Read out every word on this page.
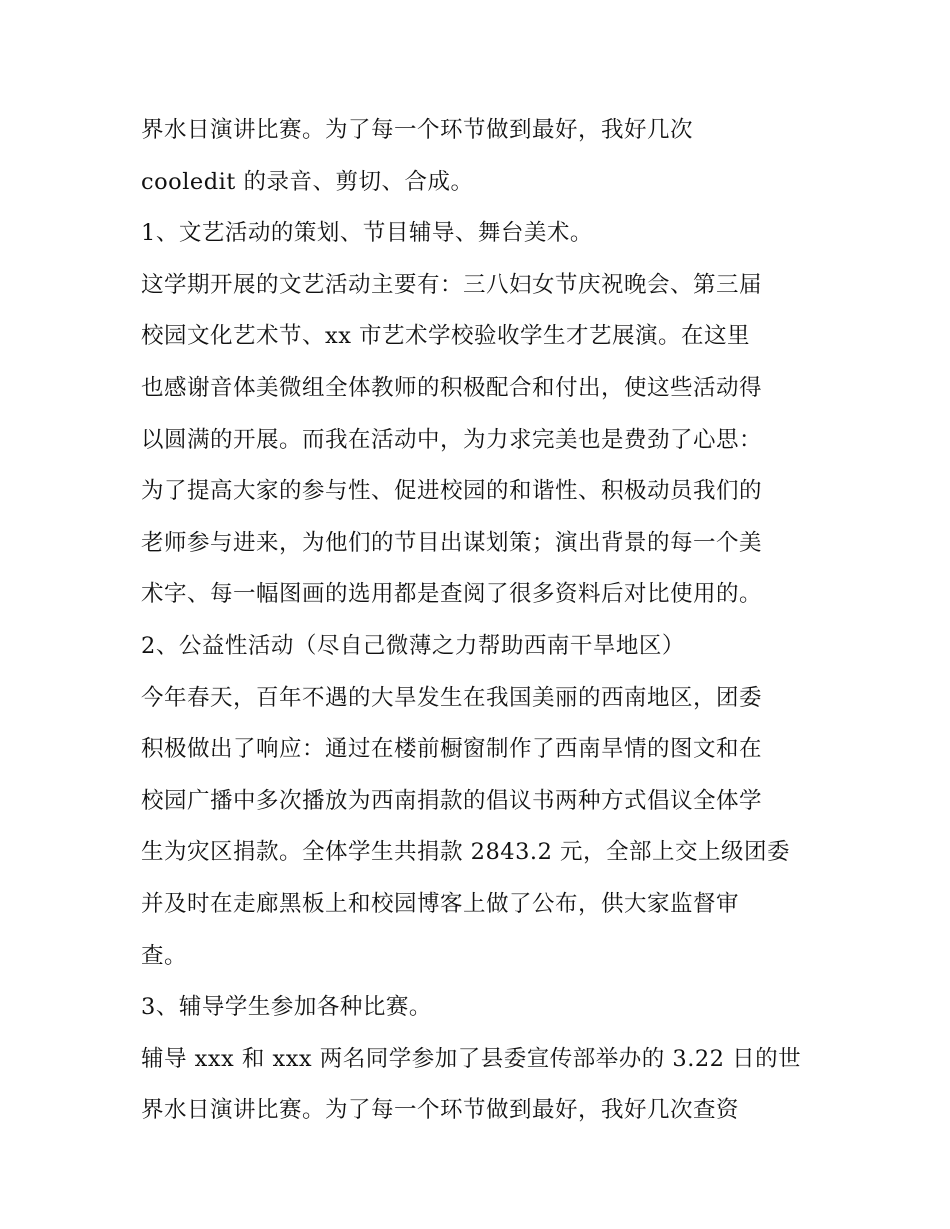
界水日演讲比赛。为了每一个环节做到最好，我好几次
cooledit 的录音、剪切、合成。
1、文艺活动的策划、节目辅导、舞台美术。
这学期开展的文艺活动主要有：三八妇女节庆祝晚会、第三届
校园文化艺术节、xx 市艺术学校验收学生才艺展演。在这里
也感谢音体美微组全体教师的积极配合和付出，使这些活动得
以圆满的开展。而我在活动中，为力求完美也是费劲了心思：
为了提高大家的参与性、促进校园的和谐性、积极动员我们的
老师参与进来，为他们的节目出谋划策；演出背景的每一个美
术字、每一幅图画的选用都是查阅了很多资料后对比使用的。
2、公益性活动（尽自己微薄之力帮助西南干旱地区）
今年春天，百年不遇的大旱发生在我国美丽的西南地区，团委
积极做出了响应：通过在楼前橱窗制作了西南旱情的图文和在
校园广播中多次播放为西南捐款的倡议书两种方式倡议全体学
生为灾区捐款。全体学生共捐款 2843.2 元，全部上交上级团委
并及时在走廊黑板上和校园博客上做了公布，供大家监督审
查。
3、辅导学生参加各种比赛。
辅导 xxx 和 xxx 两名同学参加了县委宣传部举办的 3.22 日的世
界水日演讲比赛。为了每一个环节做到最好，我好几次查资
